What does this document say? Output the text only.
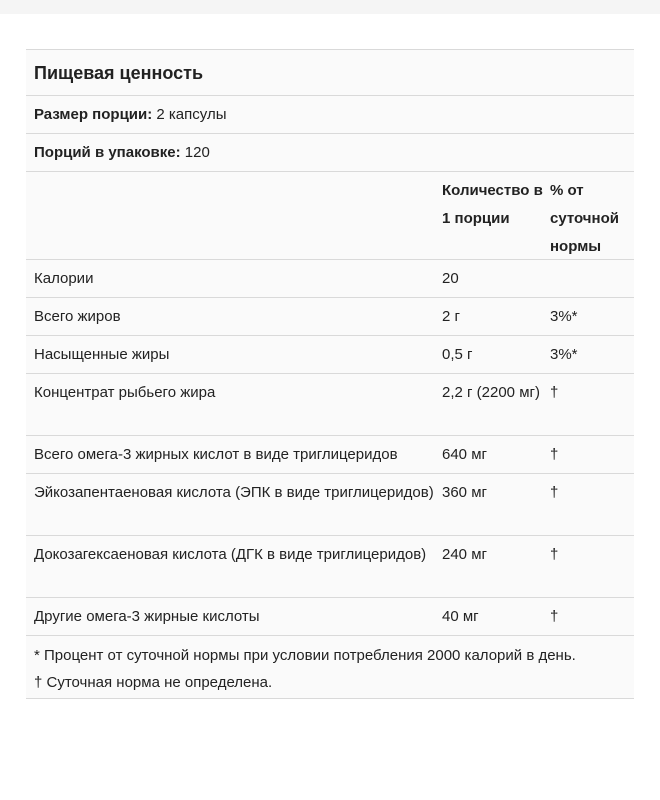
Пищевая ценность
Размер порции: 2 капсулы
Порций в упаковке: 120
Количество в 1 порции
% от суточной нормы
Калории	20
Всего жиров	2 г	3%*
Насыщенные жиры	0,5 г	3%*
Концентрат рыбьего жира	2,2 г (2200 мг) †
Всего омега-3 жирных кислот в виде триглицеридов	640 мг	†
Эйкозапентаеновая кислота (ЭПК в виде триглицеридов) 360 мг	†
Докозагексаеновая кислота (ДГК в виде триглицеридов)	240 мг	†
Другие омега-3 жирные кислоты	40 мг	†
* Процент от суточной нормы при условии потребления 2000 калорий в день.
† Суточная норма не определена.
